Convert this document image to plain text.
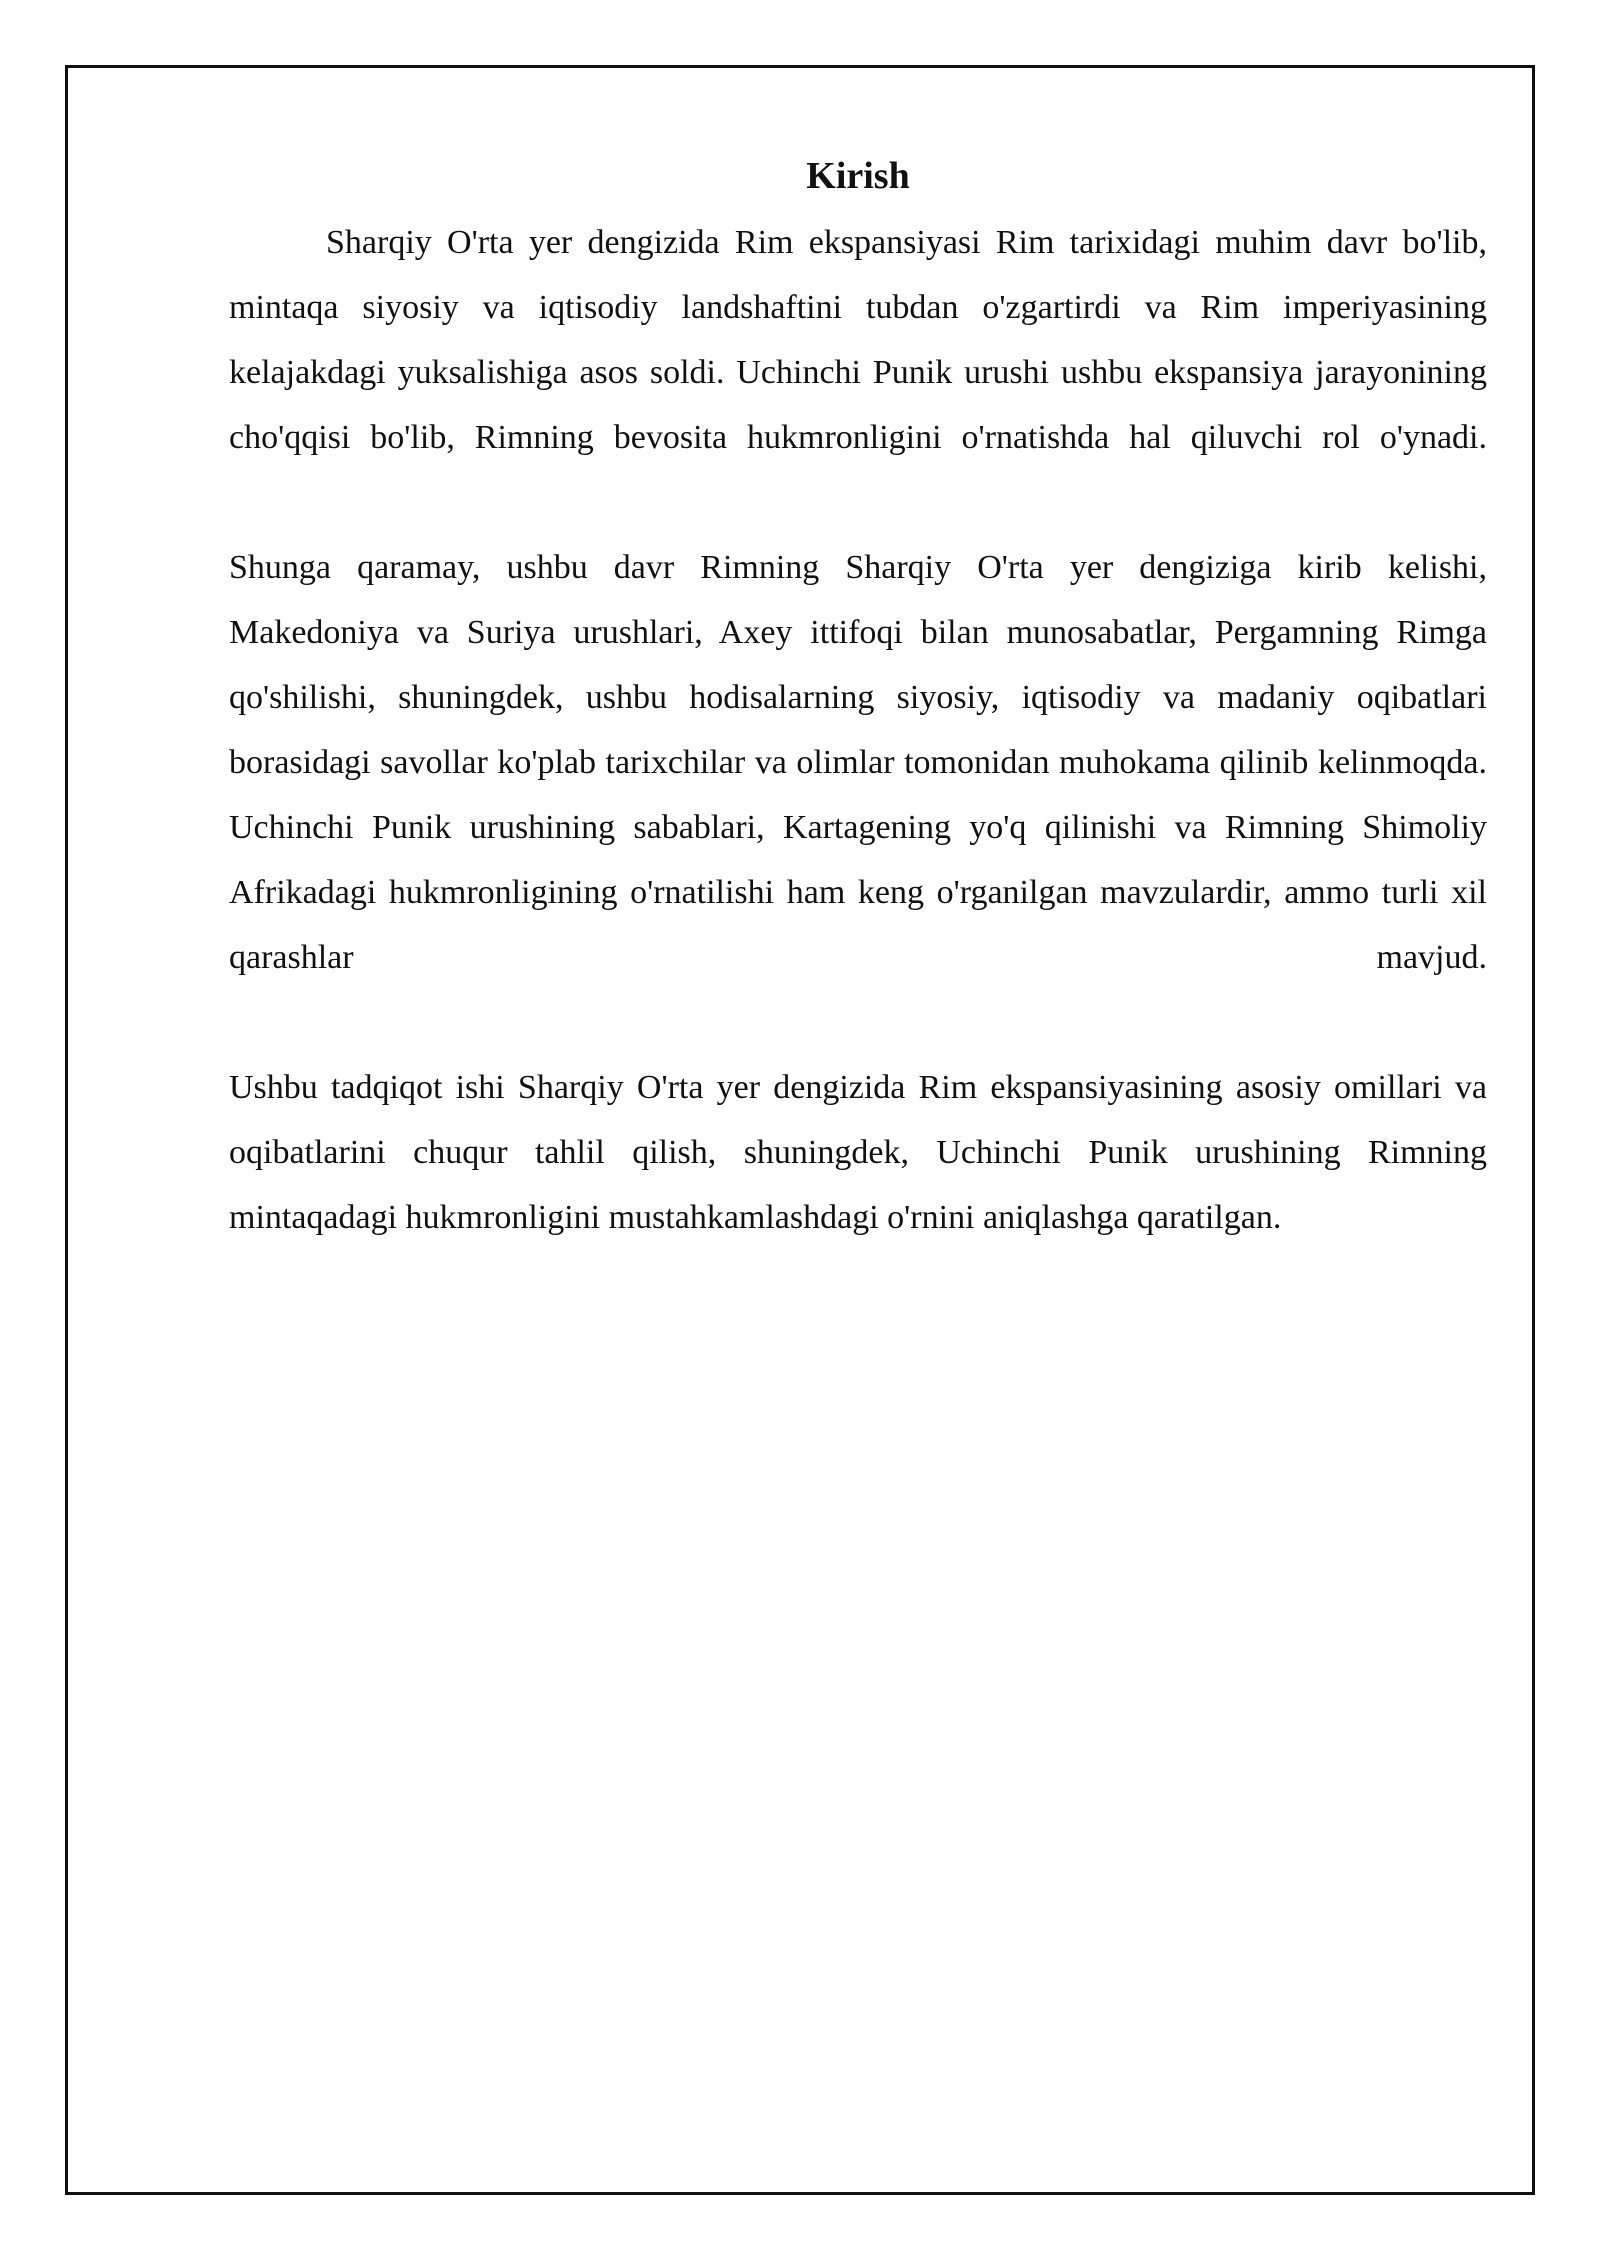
Kirish

Sharqiy O'rta yer dengizida Rim ekspansiyasi Rim tarixidagi muhim davr bo'lib, mintaqa siyosiy va iqtisodiy landshaftini tubdan o'zgartirdi va Rim imperiyasining kelajakdagi yuksalishiga asos soldi. Uchinchi Punik urushi ushbu ekspansiya jarayonining cho'qqisi bo'lib, Rimning bevosita hukmronligini o'rnatishda hal qiluvchi rol o'ynadi.

Shunga qaramay, ushbu davr Rimning Sharqiy O'rta yer dengiziga kirib kelishi, Makedoniya va Suriya urushlari, Axey ittifoqi bilan munosabatlar, Pergamning Rimga qo'shilishi, shuningdek, ushbu hodisalarning siyosiy, iqtisodiy va madaniy oqibatlari borasidagi savollar ko'plab tarixchilar va olimlar tomonidan muhokama qilinib kelinmoqda. Uchinchi Punik urushining sabablari, Kartagening yo'q qilinishi va Rimning Shimoliy Afrikadagi hukmronligining o'rnatilishi ham keng o'rganilgan mavzulardir, ammo turli xil qarashlar mavjud.

Ushbu tadqiqot ishi Sharqiy O'rta yer dengizida Rim ekspansiyasining asosiy omillari va oqibatlarini chuqur tahlil qilish, shuningdek, Uchinchi Punik urushining Rimning mintaqadagi hukmronligini mustahkamlashdagi o'rnini aniqlashga qaratilgan.
